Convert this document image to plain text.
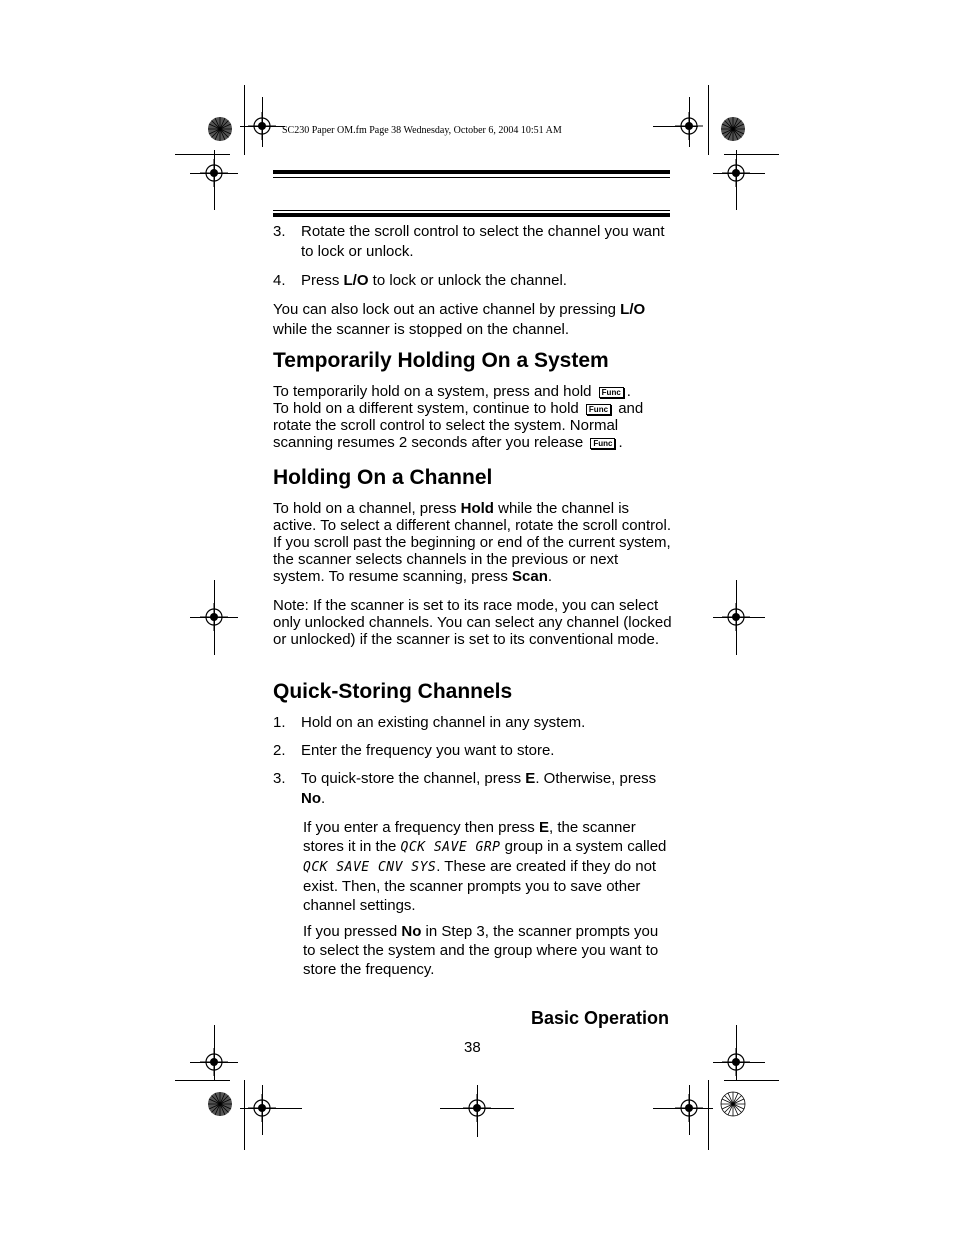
SC230 Paper OM.fm Page 38 Wednesday, October 6, 2004 10:51 AM
3. Rotate the scroll control to select the channel you want to lock or unlock.
4. Press L/O to lock or unlock the channel.

You can also lock out an active channel by pressing L/O while the scanner is stopped on the channel.

Temporarily Holding On a System

To temporarily hold on a system, press and hold Func .
To hold on a different system, continue to hold Func and
rotate the scroll control to select the system. Normal
scanning resumes 2 seconds after you release Func .

Holding On a Channel

To hold on a channel, press Hold while the channel is active. To select a different channel, rotate the scroll control. If you scroll past the beginning or end of the current system, the scanner selects channels in the previous or next system. To resume scanning, press Scan.

Note: If the scanner is set to its race mode, you can select only unlocked channels. You can select any channel (locked or unlocked) if the scanner is set to its conventional mode.

Quick-Storing Channels
1. Hold on an existing channel in any system.
2. Enter the frequency you want to store.
3. To quick-store the channel, press E. Otherwise, press No.
If you enter a frequency then press E, the scanner stores it in the QCK SAVE GRP group in a system called QCK SAVE CNV SYS. These are created if they do not exist. Then, the scanner prompts you to save other channel settings.
If you pressed No in Step 3, the scanner prompts you to select the system and the group where you want to store the frequency.
Basic Operation
38
